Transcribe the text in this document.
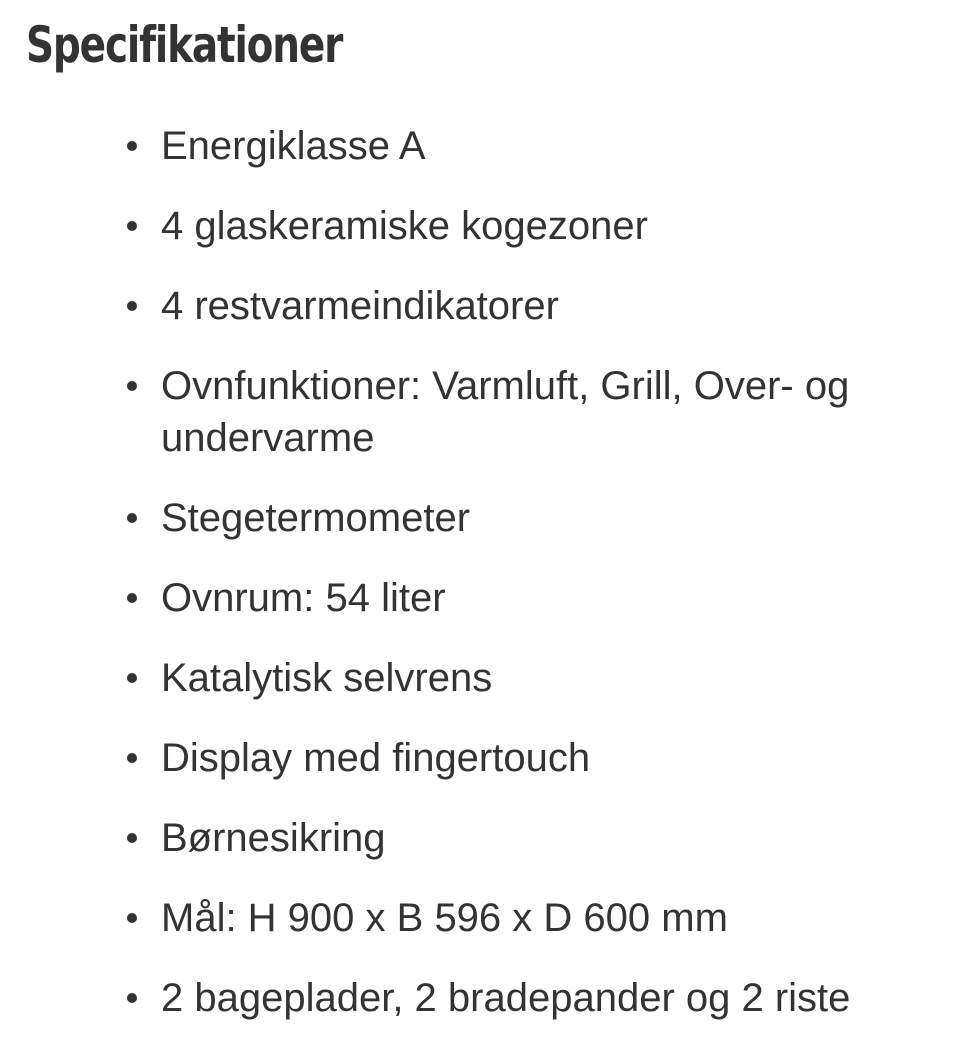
Specifikationer
Energiklasse A
4 glaskeramiske kogezoner
4 restvarmeindikatorer
Ovnfunktioner: Varmluft, Grill, Over- og undervarme
Stegetermometer
Ovnrum: 54 liter
Katalytisk selvrens
Display med fingertouch
Børnesikring
Mål: H 900 x B 596 x D 600 mm
2 bageplader, 2 bradepander og 2 riste
